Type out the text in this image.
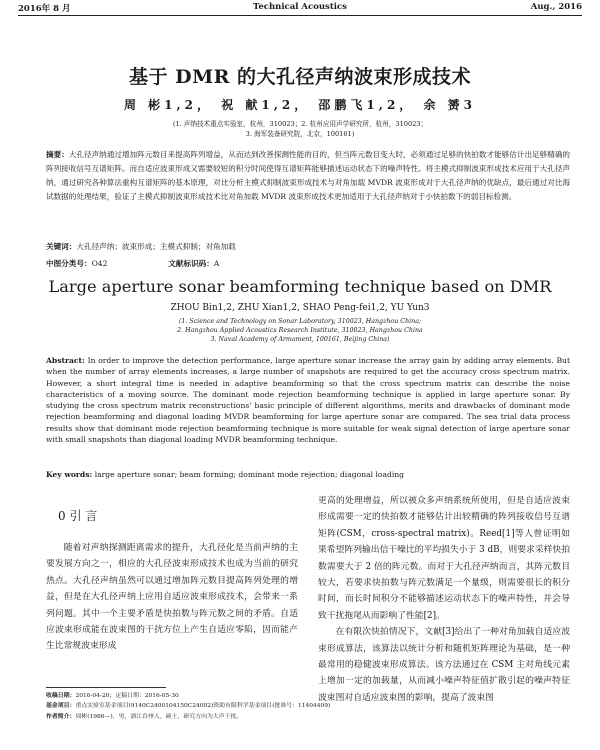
2016年 8 月	Technical Acoustics	Aug., 2016
基于 DMR 的大孔径声纳波束形成技术
周 彬1,2， 祝 献1,2， 邵鹏飞1,2， 余 赟3
(1. 声纳技术重点实验室，杭州，310023；2. 杭州应用声学研究所，杭州，310023；
3. 海军装备研究院，北京，100161)
摘要：大孔径声纳通过增加阵元数目来提高阵列增益，从而达到改善探测性能的目的，但当阵元数目变大时，必须通过足够的快拍数才能够估计出足够精确的阵列接收信号互谱矩阵。而自适应波束形成又需要较短的积分时间使得互谱矩阵能够描述运动状态下的噪声特性。将主模式抑制波束形成技术应用于大孔径声纳，通过研究各种算法重构互谱矩阵的基本原理，对比分析主模式抑制波束形成技术与对角加载 MVDR 波束形成对于大孔径声纳的优缺点，最后通过对比海试数据的处理结果，验证了主模式抑制波束形成技术比对角加载 MVDR 波束形成技术更加适用于大孔径声纳对于小快拍数下的弱目标检测。
关键词：大孔径声纳；波束形成；主模式抑制；对角加载
中图分类号：O42	文献标识码：A
Large aperture sonar beamforming technique based on DMR
ZHOU Bin1,2, ZHU Xian1,2, SHAO Peng-fei1,2, YU Yun3
(1. Science and Technology on Sonar Laboratory, 310023, Hangzhou China;
2. Hangzhou Applied Acoustics Research Institute, 310023, Hangzhou China
3. Naval Academy of Armament, 100161, Beijing China)
Abstract: In order to improve the detection performance, large aperture sonar increase the array gain by adding array elements. But when the number of array elements increases, a large number of snapshots are required to get the accuracy cross spectrum matrix. However, a short integral time is needed in adaptive beamforming so that the cross spectrum matrix can describe the noise characteristics of a moving source. The dominant mode rejection beamforming technique is applied in large aperture sonar. By studying the cross spectrum matrix reconstructions' basic principle of different algorithms, merits and drawbacks of dominant mode rejection beamforming and diagonal loading MVDR beamforming for large aperture sonar are compared. The sea trial data process results show that dominant mode rejection beamforming technique is more suitable for weak signal detection of large aperture sonar with small snapshots than diagonal loading MVDR beamforming technique.
Key words: large aperture sonar; beam forming; dominant mode rejection; diagonal loading
0 引 言

随着对声纳探测距离需求的提升，大孔径化是当前声纳的主要发展方向之一，相应的大孔径波束形成技术也成为当前的研究热点。大孔径声纳虽然可以通过增加阵元数目提高阵列处理的增益，但是在大孔径声纳上应用自适应波束形成技术，会带来一系列问题。其中一个主要矛盾是快拍数与阵元数之间的矛盾。自适应波束形成能在波束图的干扰方位上产生自适应零陷，因而能产生比常规波束形成

更高的处理增益，所以被众多声纳系统所使用，但是自适应波束形成需要一定的快拍数才能够估计出较精确的阵列接收信号互谱矩阵(CSM，cross-spectral matrix)。Reed[1]等人曾证明如果希望阵列输出信干噪比的平均损失小于 3 dB，则要求采样快拍数需要大于 2 倍的阵元数。而对于大孔径声纳而言，其阵元数目较大，若要求快拍数与阵元数满足一个量级，则需要很长的积分时间，而长时间积分不能够描述运动状态下的噪声特性，并会导致干扰拖尾从而影响了性能[2]。

在有限次快拍情况下，文献[3]给出了一种对角加载自适应波束形成算法，该算法以统计分析和随机矩阵理论为基础，是一种最常用的稳健波束形成算法。该方法通过在 CSM 主对角线元素上增加一定的加载量，从而减小噪声特征值扩散引起的噪声特征波束图对自适应波束图的影响，提高了波束图

收稿日期：2016-04-20；定稿日期：2016-05-30
基金项目：重点实验室基金项目(9140C2400104150C24002)资助有限科学基金项目(批准号：11404409)
作者简介：周彬(1986—)，男，浙江台州人，硕士，研究方向为大声干扰。
